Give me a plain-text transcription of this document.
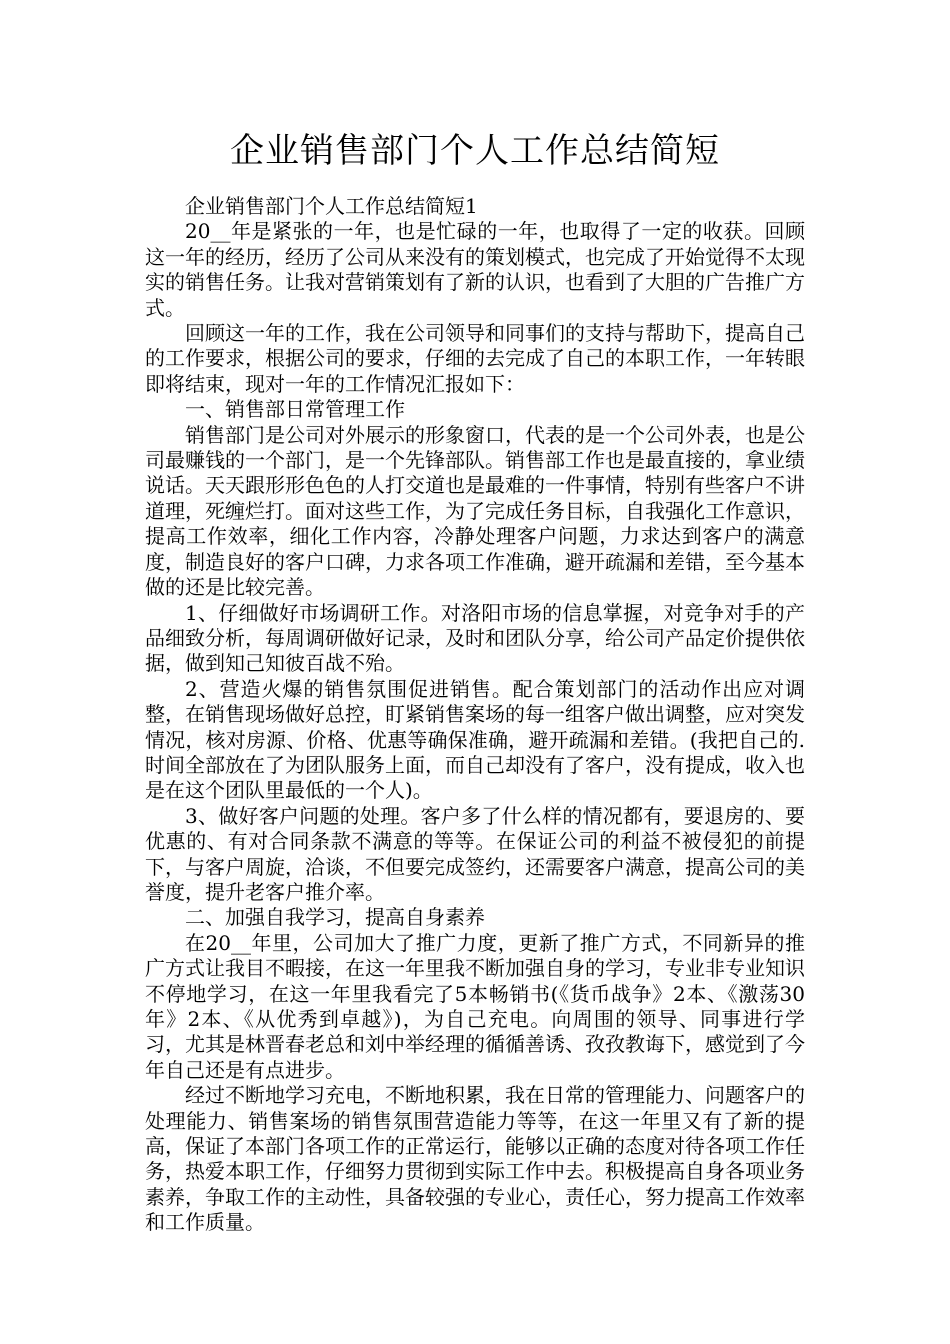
企业销售部门个人工作总结简短

企业销售部门个人工作总结简短1

20__年是紧张的一年，也是忙碌的一年，也取得了一定的收获。回顾这一年的经历，经历了公司从来没有的策划模式，也完成了开始觉得不太现实的销售任务。让我对营销策划有了新的认识，也看到了大胆的广告推广方式。

回顾这一年的工作，我在公司领导和同事们的支持与帮助下，提高自己的工作要求，根据公司的要求，仔细的去完成了自己的本职工作，一年转眼即将结束，现对一年的工作情况汇报如下：

一、销售部日常管理工作

销售部门是公司对外展示的形象窗口，代表的是一个公司外表，也是公司最赚钱的一个部门，是一个先锋部队。销售部工作也是最直接的，拿业绩说话。天天跟形形色色的人打交道也是最难的一件事情，特别有些客户不讲道理，死缠烂打。面对这些工作，为了完成任务目标，自我强化工作意识，提高工作效率，细化工作内容，冷静处理客户问题，力求达到客户的满意度，制造良好的客户口碑，力求各项工作准确，避开疏漏和差错，至今基本做的还是比较完善。

1、仔细做好市场调研工作。对洛阳市场的信息掌握，对竞争对手的产品细致分析，每周调研做好记录，及时和团队分享，给公司产品定价提供依据，做到知己知彼百战不殆。

2、营造火爆的销售氛围促进销售。配合策划部门的活动作出应对调整，在销售现场做好总控，盯紧销售案场的每一组客户做出调整，应对突发情况，核对房源、价格、优惠等确保准确，避开疏漏和差错。(我把自己的.时间全部放在了为团队服务上面，而自己却没有了客户，没有提成，收入也是在这个团队里最低的一个人)。

3、做好客户问题的处理。客户多了什么样的情况都有，要退房的、要优惠的、有对合同条款不满意的等等。在保证公司的利益不被侵犯的前提下，与客户周旋，洽谈，不但要完成签约，还需要客户满意，提高公司的美誉度，提升老客户推介率。

二、加强自我学习，提高自身素养

在20__年里，公司加大了推广力度，更新了推广方式，不同新异的推广方式让我目不暇接，在这一年里我不断加强自身的学习，专业非专业知识不停地学习，在这一年里我看完了5本畅销书(《货币战争》2本、《激荡30年》2本、《从优秀到卓越》)，为自己充电。向周围的领导、同事进行学习，尤其是林晋春老总和刘中举经理的循循善诱、孜孜教诲下，感觉到了今年自己还是有点进步。

经过不断地学习充电，不断地积累，我在日常的管理能力、问题客户的处理能力、销售案场的销售氛围营造能力等等，在这一年里又有了新的提高，保证了本部门各项工作的正常运行，能够以正确的态度对待各项工作任务，热爱本职工作，仔细努力贯彻到实际工作中去。积极提高自身各项业务素养，争取工作的主动性，具备较强的专业心，责任心，努力提高工作效率和工作质量。
